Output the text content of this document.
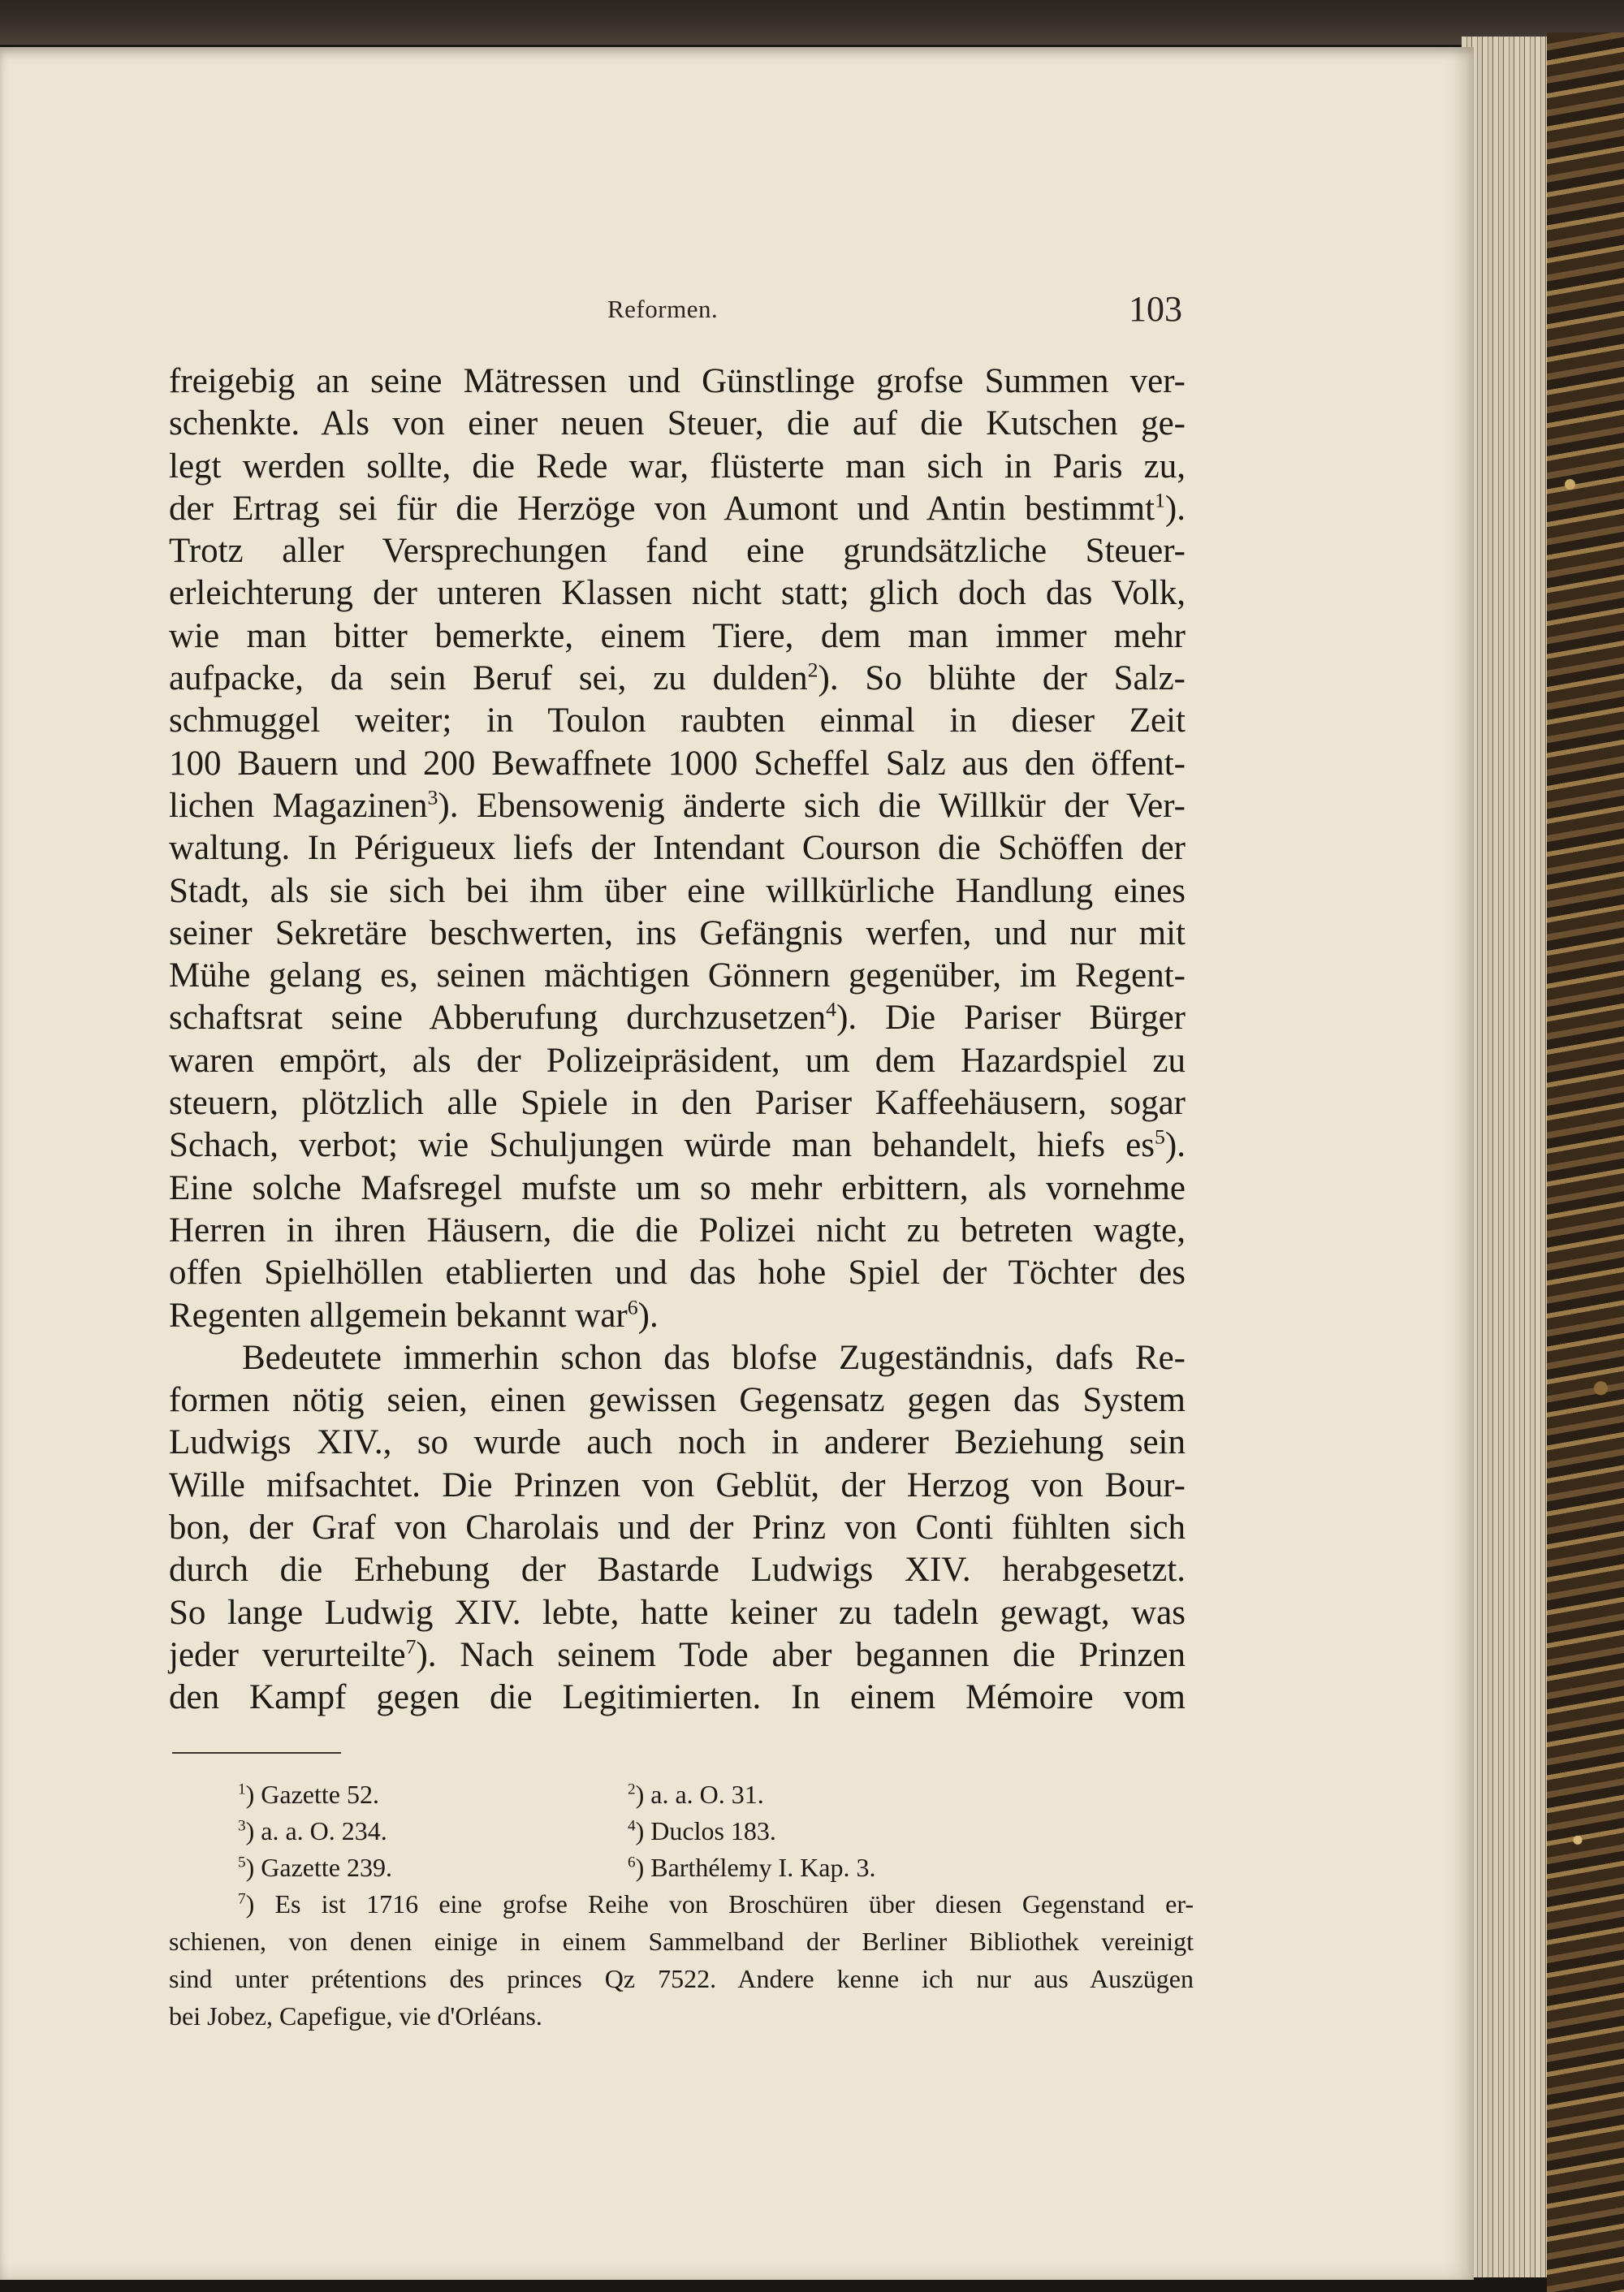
Reformen.	103
freigebig an seine Mätressen und Günstlinge grofse Summen ver-
schenkte. Als von einer neuen Steuer, die auf die Kutschen ge-
legt werden sollte, die Rede war, flüsterte man sich in Paris zu,
der Ertrag sei für die Herzöge von Aumont und Antin bestimmt$^1$).
Trotz aller Versprechungen fand eine grundsätzliche Steuer-
erleichterung der unteren Klassen nicht statt; glich doch das Volk,
wie man bitter bemerkte, einem Tiere, dem man immer mehr
aufpacke, da sein Beruf sei, zu dulden$^2$). So blühte der Salz-
schmuggel weiter; in Toulon raubten einmal in dieser Zeit
100 Bauern und 200 Bewaffnete 1000 Scheffel Salz aus den öffent-
lichen Magazinen$^3$). Ebensowenig änderte sich die Willkür der Ver-
waltung. In Périgueux liefs der Intendant Courson die Schöffen der
Stadt, als sie sich bei ihm über eine willkürliche Handlung eines
seiner Sekretäre beschwerten, ins Gefängnis werfen, und nur mit
Mühe gelang es, seinen mächtigen Gönnern gegenüber, im Regent-
schaftsrat seine Abberufung durchzusetzen$^4$). Die Pariser Bürger
waren empört, als der Polizeipräsident, um dem Hazardspiel zu
steuern, plötzlich alle Spiele in den Pariser Kaffeehäusern, sogar
Schach, verbot; wie Schuljungen würde man behandelt, hiefs $es^5$).
Eine solche Mafsregel mufste um so mehr erbittern, als vornehme
Herren in ihren Häusern, die die Polizei nicht zu betreten wagte,
offen Spielhöllen etablierten und das hohe Spiel der Töchter des
Regenten allgemein bekannt war$^6$).
Bedeutete immerhin schon das blofse Zugeständnis, dafs Re-
formen nötig seien, einen gewissen Gegensatz gegen das System
Ludwigs XIV., so wurde auch noch in anderer Beziehung sein
Wille mifsachtet. Die Prinzen von Geblüt, der Herzog von Bour-
bon, der Graf von Charolais und der Prinz von Conti fühlten sich
durch die Erhebung der Bastarde Ludwigs XIV. herabgesetzt.
So lange Ludwig XIV. lebte, hatte keiner zu tadeln gewagt, was
jeder verurteilte$^7$). Nach seinem Tode aber begannen die Prinzen
den Kampf gegen die Legitimierten. In einem Mémoire vom
$^1$) Gazette 52.	$^2$) a. a. O. 31.
$^3$) a. a. O. 234.	$^4$) Duclos 183.
$^5$) Gazette 239.	$^6$) Barthélemy I. Kap. 3.
$^7$) Es ist 1716 eine grofse Reihe von Broschüren über diesen Gegenstand er-
schienen, von denen einige in einem Sammelband der Berliner Bibliothek vereinigt
sind unter prétentions des princes Qz 7522. Andere kenne ich nur aus Auszügen
bei Jobez, Capefigue, vie d'Orléans.
